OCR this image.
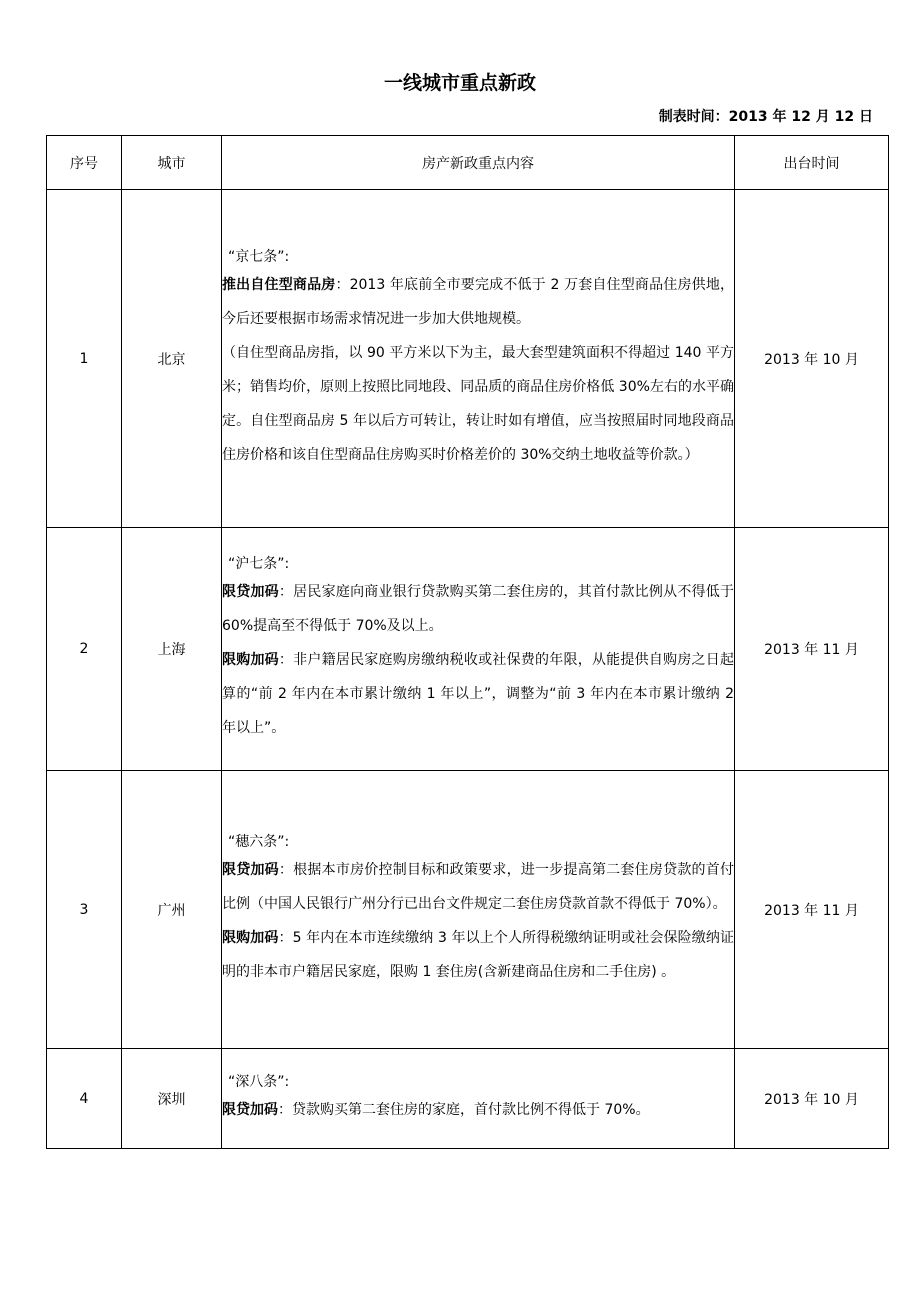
一线城市重点新政
制表时间：2013 年 12 月 12 日
序号	城市	房产新政重点内容	出台时间
1	北京	“京七条”:

推出自住型商品房：2013 年底前全市要完成不低于 2 万套自住型商品住房供地，今后还要根据市场需求情况进一步加大供地规模。

（自住型商品房指，以 90 平方米以下为主，最大套型建筑面积不得超过 140 平方米；销售均价，原则上按照比同地段、同品质的商品住房价格低 30%左右的水平确定。自住型商品房 5 年以后方可转让，转让时如有增值，应当按照届时同地段商品住房价格和该自住型商品住房购买时价格差价的 30%交纳土地收益等价款。）	2013 年 10 月
2	上海	“沪七条”:

限贷加码：居民家庭向商业银行贷款购买第二套住房的，其首付款比例从不得低于 60%提高至不得低于 70%及以上。

限购加码：非户籍居民家庭购房缴纳税收或社保费的年限，从能提供自购房之日起算的“前 2 年内在本市累计缴纳 1 年以上”，调整为“前 3 年内在本市累计缴纳 2 年以上”。	2013 年 11 月
3	广州	“穗六条”:

限贷加码：根据本市房价控制目标和政策要求，进一步提高第二套住房贷款的首付比例（中国人民银行广州分行已出台文件规定二套住房贷款首款不得低于 70%）。

限购加码：5 年内在本市连续缴纳 3 年以上个人所得税缴纳证明或社会保险缴纳证明的非本市户籍居民家庭，限购 1 套住房(含新建商品住房和二手住房) 。	2013 年 11 月
4	深圳	“深八条”:

限贷加码：贷款购买第二套住房的家庭，首付款比例不得低于 70%。	2013 年 10 月
